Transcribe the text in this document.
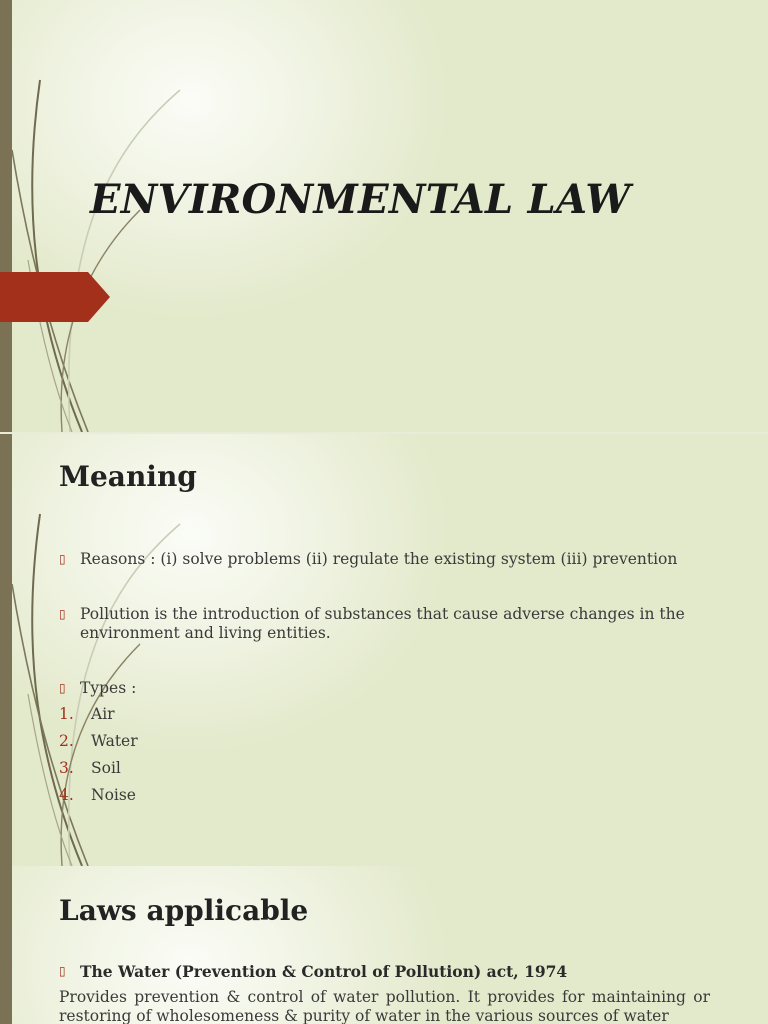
ENVIRONMENTAL LAW
Meaning
▯ Reasons : (i) solve problems (ii) regulate the existing system (iii) prevention
▯ Pollution is the introduction of substances that cause adverse changes in the environment and living entities.
▯ Types :
1. Air
2. Water
3. Soil
4. Noise
Laws applicable
▯ The Water (Prevention & Control of Pollution) act, 1974

Provides prevention & control of water pollution. It provides for maintaining or restoring of wholesomeness & purity of water in the various sources of water
